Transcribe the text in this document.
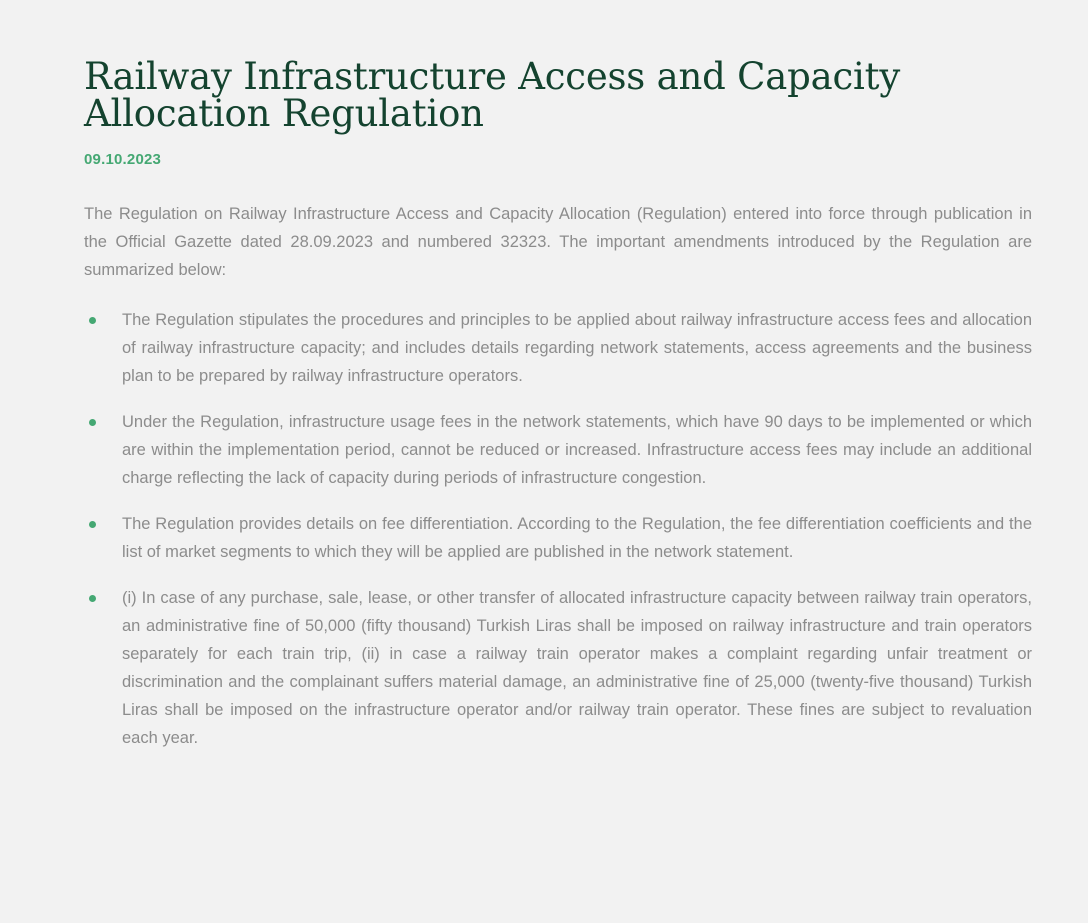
Railway Infrastructure Access and Capacity Allocation Regulation
09.10.2023

The Regulation on Railway Infrastructure Access and Capacity Allocation (Regulation) entered into force through publication in the Official Gazette dated 28.09.2023 and numbered 32323. The important amendments introduced by the Regulation are summarized below:

The Regulation stipulates the procedures and principles to be applied about railway infrastructure access fees and allocation of railway infrastructure capacity; and includes details regarding network statements, access agreements and the business plan to be prepared by railway infrastructure operators.
Under the Regulation, infrastructure usage fees in the network statements, which have 90 days to be implemented or which are within the implementation period, cannot be reduced or increased. Infrastructure access fees may include an additional charge reflecting the lack of capacity during periods of infrastructure congestion.
The Regulation provides details on fee differentiation. According to the Regulation, the fee differentiation coefficients and the list of market segments to which they will be applied are published in the network statement.
(i) In case of any purchase, sale, lease, or other transfer of allocated infrastructure capacity between railway train operators, an administrative fine of 50,000 (fifty thousand) Turkish Liras shall be imposed on railway infrastructure and train operators separately for each train trip, (ii) in case a railway train operator makes a complaint regarding unfair treatment or discrimination and the complainant suffers material damage, an administrative fine of 25,000 (twenty-five thousand) Turkish Liras shall be imposed on the infrastructure operator and/or railway train operator. These fines are subject to revaluation each year.
